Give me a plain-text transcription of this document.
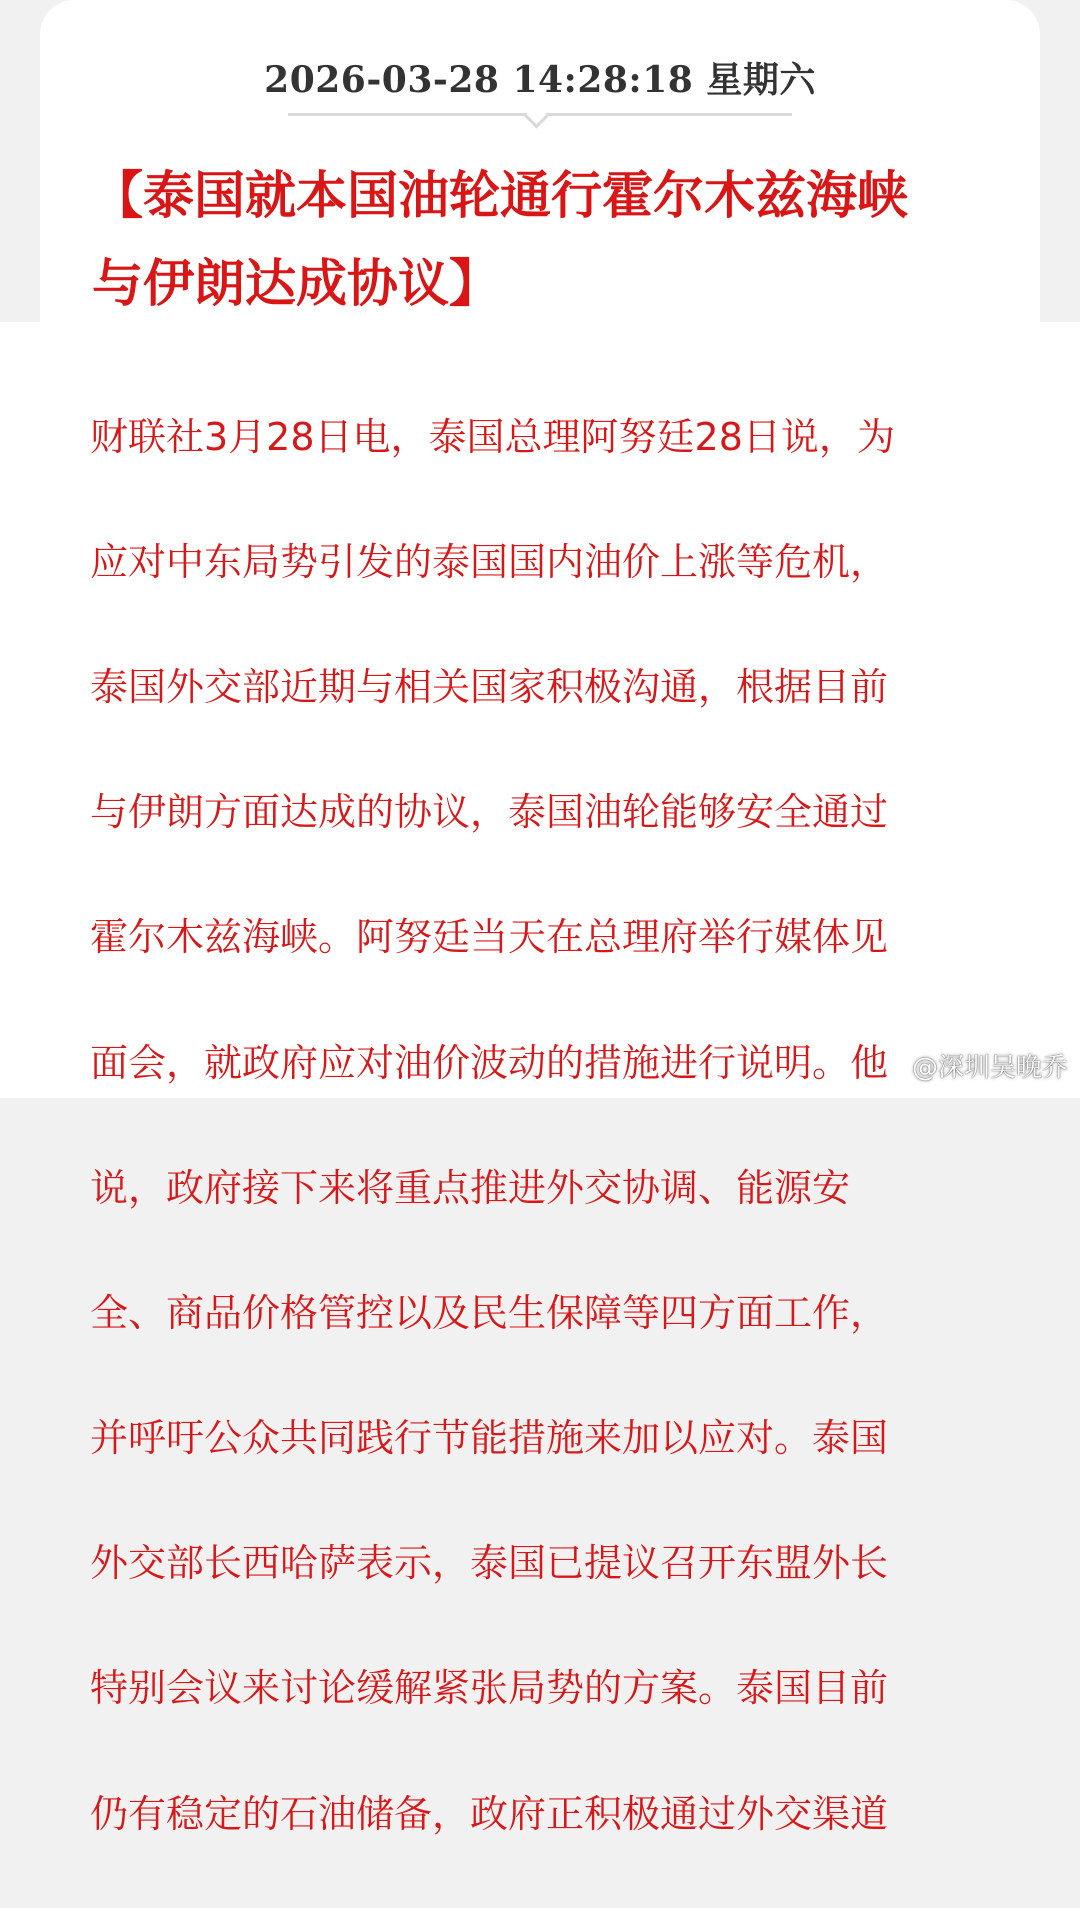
2026-03-28 14:28:18 星期六
【泰国就本国油轮通行霍尔木兹海峡
与伊朗达成协议】

财联社3月28日电，泰国总理阿努廷28日说，为

应对中东局势引发的泰国国内油价上涨等危机，

泰国外交部近期与相关国家积极沟通，根据目前

与伊朗方面达成的协议，泰国油轮能够安全通过

霍尔木兹海峡。阿努廷当天在总理府举行媒体见

面会，就政府应对油价波动的措施进行说明。他

说，政府接下来将重点推进外交协调、能源安

全、商品价格管控以及民生保障等四方面工作，

并呼吁公众共同践行节能措施来加以应对。泰国

外交部长西哈萨表示，泰国已提议召开东盟外长

特别会议来讨论缓解紧张局势的方案。泰国目前

仍有稳定的石油储备，政府正积极通过外交渠道

@深圳吴晚乔
